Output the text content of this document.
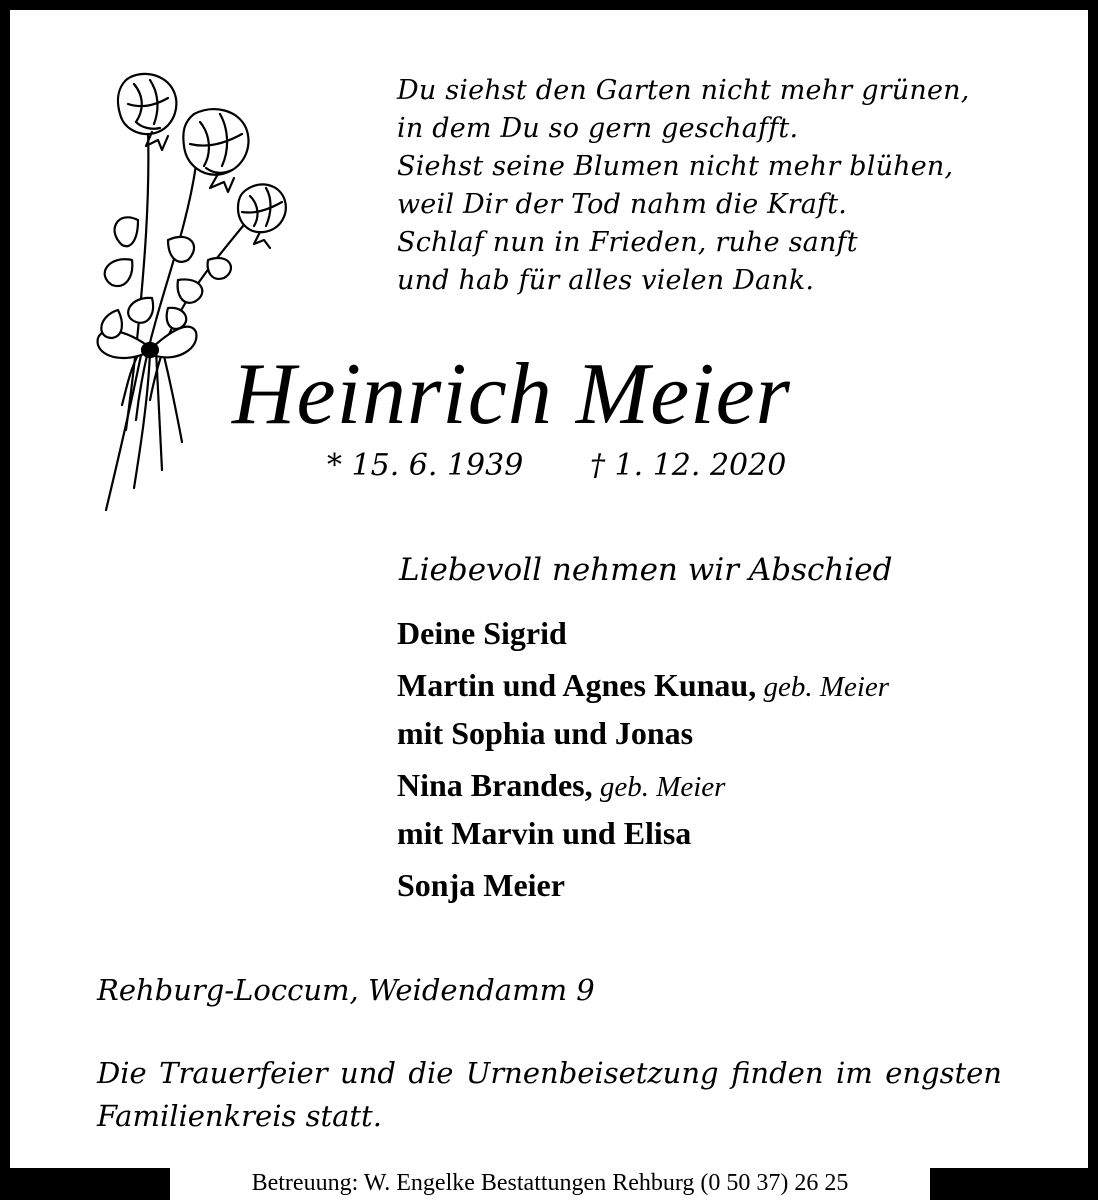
Du siehst den Garten nicht mehr grünen,
in dem Du so gern geschafft.
Siehst seine Blumen nicht mehr blühen,
weil Dir der Tod nahm die Kraft.
Schlaf nun in Frieden, ruhe sanft
und hab für alles vielen Dank.
Heinrich Meier
* 15. 6. 1939 † 1. 12. 2020
Liebevoll nehmen wir Abschied
Deine Sigrid
Martin und Agnes Kunau, geb. Meier
mit Sophia und Jonas
Nina Brandes, geb. Meier
mit Marvin und Elisa
Sonja Meier
Rehburg-Loccum, Weidendamm 9
Die Trauerfeier und die Urnenbeisetzung finden im engsten Familienkreis statt.
Betreuung: W. Engelke Bestattungen Rehburg (0 50 37) 26 25
